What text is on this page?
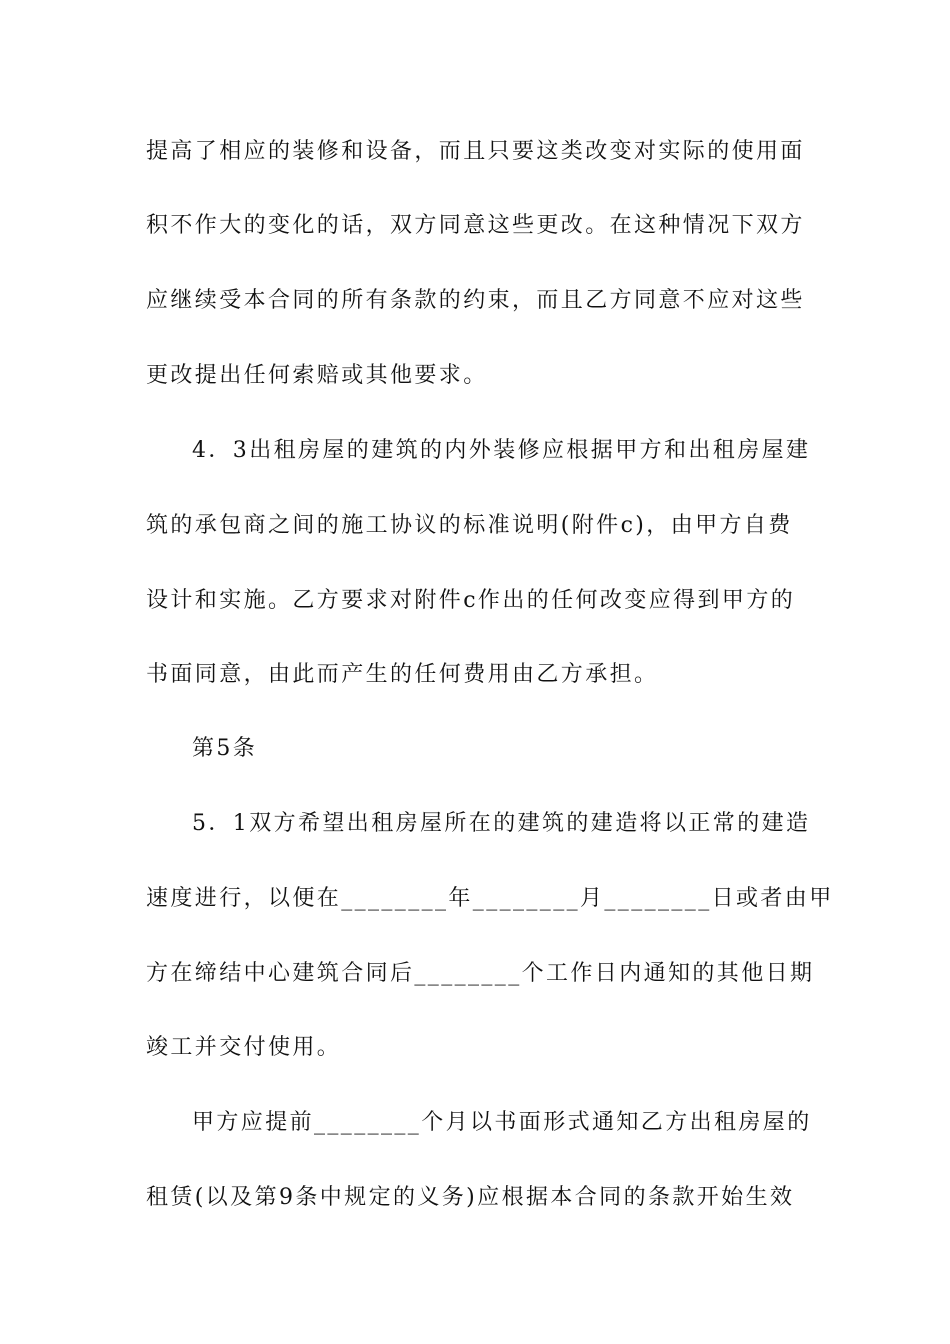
提高了相应的装修和设备，而且只要这类改变对实际的使用面
积不作大的变化的话，双方同意这些更改。在这种情况下双方
应继续受本合同的所有条款的约束，而且乙方同意不应对这些
更改提出任何索赔或其他要求。
4．3出租房屋的建筑的内外装修应根据甲方和出租房屋建
筑的承包商之间的施工协议的标准说明(附件c)，由甲方自费
设计和实施。乙方要求对附件c作出的任何改变应得到甲方的
书面同意，由此而产生的任何费用由乙方承担。
第5条
5．1双方希望出租房屋所在的建筑的建造将以正常的建造
速度进行，以便在________年________月________日或者由甲
方在缔结中心建筑合同后________个工作日内通知的其他日期
竣工并交付使用。
甲方应提前________个月以书面形式通知乙方出租房屋的
租赁(以及第9条中规定的义务)应根据本合同的条款开始生效
